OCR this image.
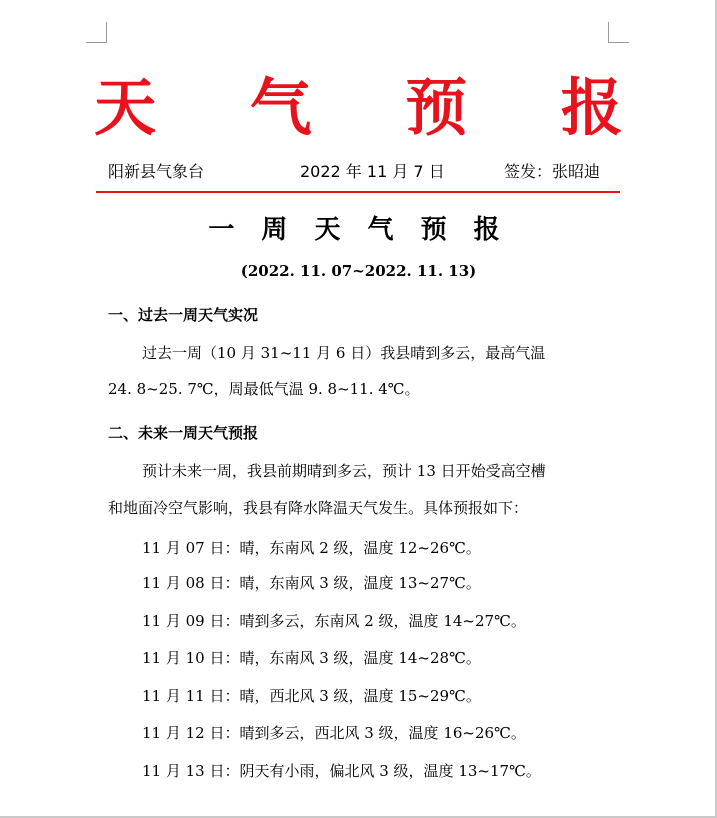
天 气 预 报
阳新县气象台	2022 年 11 月 7 日	签发：张昭迪
一 周 天 气 预 报
(2022. 11. 07~2022. 11. 13)
一、过去一周天气实况
过去一周（10 月 31~11 月 6 日）我县晴到多云，最高气温
24. 8~25. 7℃，周最低气温 9. 8~11. 4℃。
二、未来一周天气预报
预计未来一周，我县前期晴到多云，预计 13 日开始受高空槽
和地面冷空气影响，我县有降水降温天气发生。具体预报如下：
11 月 07 日：晴，东南风 2 级，温度 12~26℃。
11 月 08 日：晴，东南风 3 级，温度 13~27℃。
11 月 09 日：晴到多云，东南风 2 级，温度 14~27℃。
11 月 10 日：晴，东南风 3 级，温度 14~28℃。
11 月 11 日：晴，西北风 3 级，温度 15~29℃。
11 月 12 日：晴到多云，西北风 3 级，温度 16~26℃。
11 月 13 日：阴天有小雨，偏北风 3 级，温度 13~17℃。
